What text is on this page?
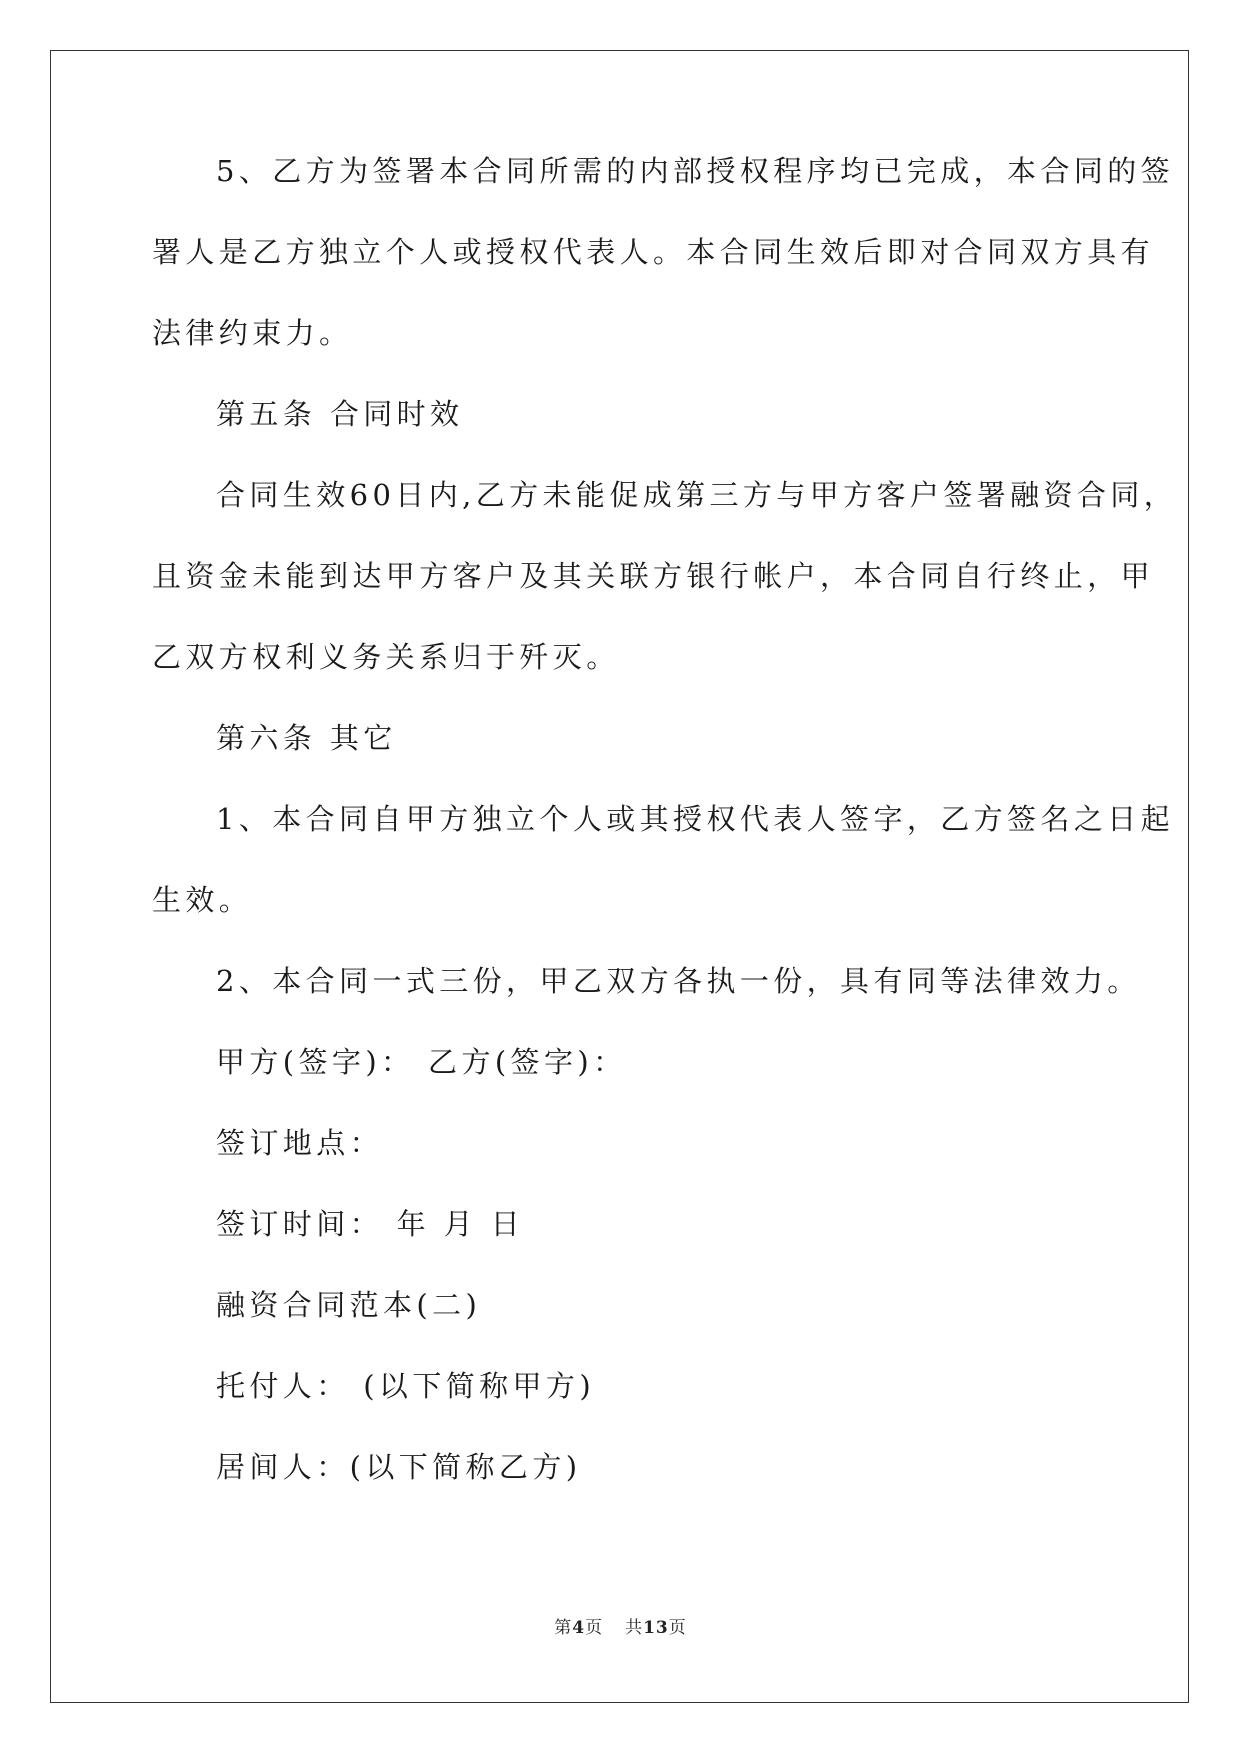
5、乙方为签署本合同所需的内部授权程序均已完成，本合同的签
署人是乙方独立个人或授权代表人。本合同生效后即对合同双方具有
法律约束力。
第五条 合同时效
合同生效60日内,乙方未能促成第三方与甲方客户签署融资合同，
且资金未能到达甲方客户及其关联方银行帐户，本合同自行终止，甲
乙双方权利义务关系归于歼灭。
第六条 其它
1、本合同自甲方独立个人或其授权代表人签字，乙方签名之日起
生效。
2、本合同一式三份，甲乙双方各执一份，具有同等法律效力。
甲方(签字)： 乙方(签字)：
签订地点：
签订时间： 年 月 日
融资合同范本(二)
托付人： (以下简称甲方)
居间人：(以下简称乙方)
第4页 共13页
